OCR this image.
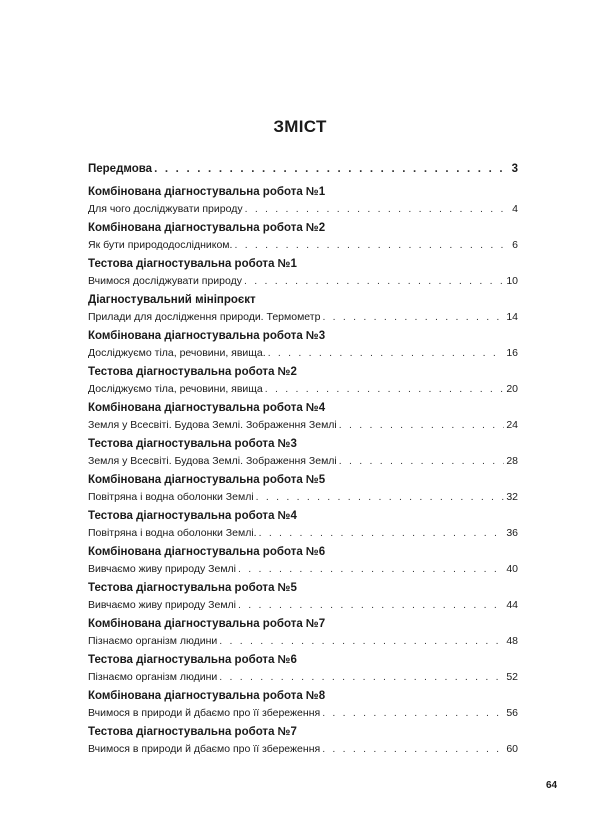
ЗМІСТ
Передмова . . .	3
Комбінована діагностувальна робота №1
Для чого досліджувати природу . . .	4
Комбінована діагностувальна робота №2
Як бути природодослідником. . . .	6
Тестова діагностувальна робота №1
Вчимося досліджувати природу . . .	10
Діагностувальний мініпроєкт
Прилади для дослідження природи. Термометр . . .	14
Комбінована діагностувальна робота №3
Досліджуємо тіла, речовини, явища. . . .	16
Тестова діагностувальна робота №2
Досліджуємо тіла, речовини, явища . . .	20
Комбінована діагностувальна робота №4
Земля у Всесвіті. Будова Землі. Зображення Землі . . .	24
Тестова діагностувальна робота №3
Земля у Всесвіті. Будова Землі. Зображення Землі . . .	28
Комбінована діагностувальна робота №5
Повітряна і водна оболонки Землі . . .	32
Тестова діагностувальна робота №4
Повітряна і водна оболонки Землі. . . .	36
Комбінована діагностувальна робота №6
Вивчаємо живу природу Землі . . .	40
Тестова діагностувальна робота №5
Вивчаємо живу природу Землі . . .	44
Комбінована діагностувальна робота №7
Пізнаємо організм людини . . .	48
Тестова діагностувальна робота №6
Пізнаємо організм людини . . .	52
Комбінована діагностувальна робота №8
Вчимося в природи й дбаємо про її збереження . . .	56
Тестова діагностувальна робота №7
Вчимося в природи й дбаємо про її збереження . . .	60
64
